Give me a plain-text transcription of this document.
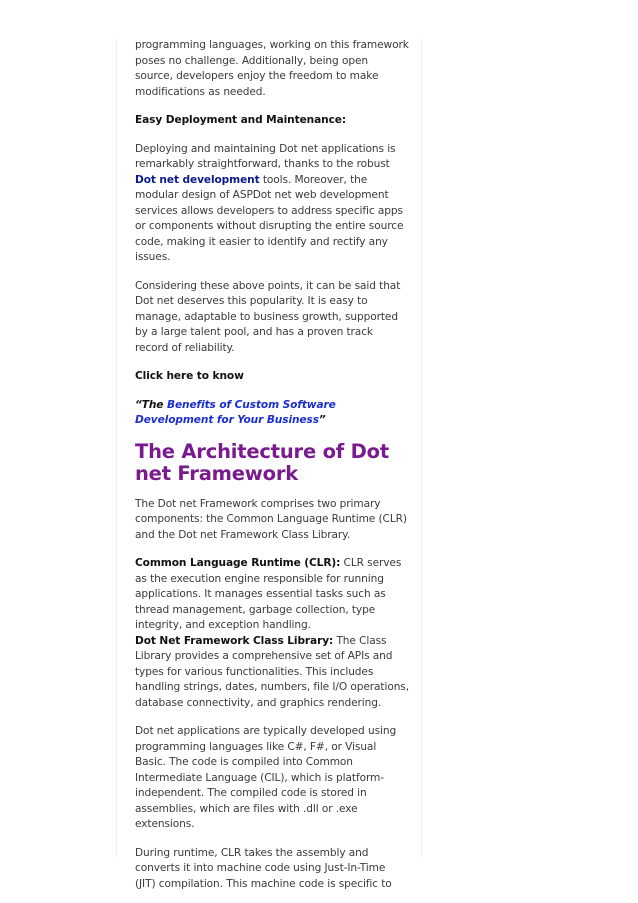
programming languages, working on this framework poses no challenge. Additionally, being open source, developers enjoy the freedom to make modifications as needed.

Easy Deployment and Maintenance:

Deploying and maintaining Dot net applications is remarkably straightforward, thanks to the robust Dot net development tools. Moreover, the modular design of ASPDot net web development services allows developers to address specific apps or components without disrupting the entire source code, making it easier to identify and rectify any issues.

Considering these above points, it can be said that Dot net deserves this popularity. It is easy to manage, adaptable to business growth, supported by a large talent pool, and has a proven track record of reliability.

Click here to know

“The Benefits of Custom Software Development for Your Business”

The Architecture of Dot net Framework

The Dot net Framework comprises two primary components: the Common Language Runtime (CLR) and the Dot net Framework Class Library.

Common Language Runtime (CLR): CLR serves as the execution engine responsible for running applications. It manages essential tasks such as thread management, garbage collection, type integrity, and exception handling.

Dot Net Framework Class Library: The Class Library provides a comprehensive set of APIs and types for various functionalities. This includes handling strings, dates, numbers, file I/O operations, database connectivity, and graphics rendering.

Dot net applications are typically developed using programming languages like C#, F#, or Visual Basic. The code is compiled into Common Intermediate Language (CIL), which is platform-independent. The compiled code is stored in assemblies, which are files with .dll or .exe extensions.

During runtime, CLR takes the assembly and converts it into machine code using Just-In-Time (JIT) compilation. This machine code is specific to
